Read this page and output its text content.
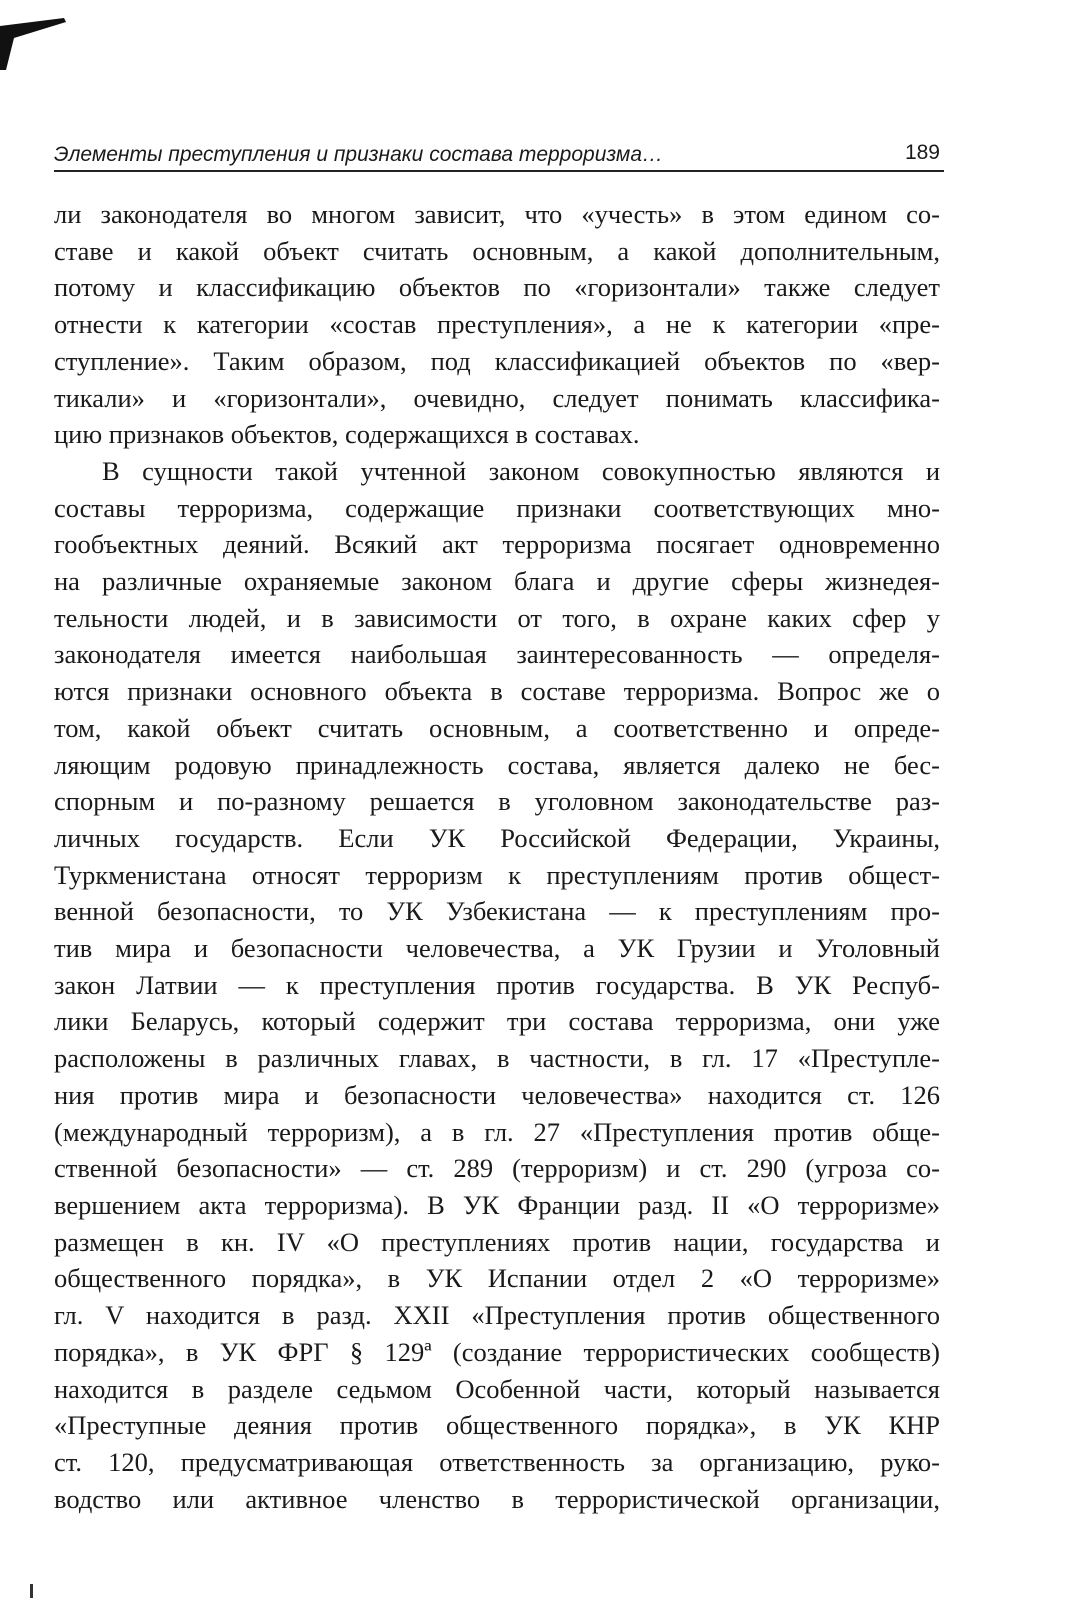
Элементы преступления и признаки состава терроризма…	189

ли законодателя во многом зависит, что «учесть» в этом едином со-
ставе и какой объект считать основным, а какой дополнительным,
потому и классификацию объектов по «горизонтали» также следует
отнести к категории «состав преступления», а не к категории «пре-
ступление». Таким образом, под классификацией объектов по «вер-
тикали» и «горизонтали», очевидно, следует понимать классифика-
цию признаков объектов, содержащихся в составах.

В сущности такой учтенной законом совокупностью являются и
составы терроризма, содержащие признаки соответствующих мно-
гообъектных деяний. Всякий акт терроризма посягает одновременно
на различные охраняемые законом блага и другие сферы жизнедея-
тельности людей, и в зависимости от того, в охране каких сфер у
законодателя имеется наибольшая заинтересованность — определя-
ются признаки основного объекта в составе терроризма. Вопрос же о
том, какой объект считать основным, а соответственно и опреде-
ляющим родовую принадлежность состава, является далеко не бес-
спорным и по-разному решается в уголовном законодательстве раз-
личных государств. Если УК Российской Федерации, Украины,
Туркменистана относят терроризм к преступлениям против общест-
венной безопасности, то УК Узбекистана — к преступлениям про-
тив мира и безопасности человечества, а УК Грузии и Уголовный
закон Латвии — к преступления против государства. В УК Респуб-
лики Беларусь, который содержит три состава терроризма, они уже
расположены в различных главах, в частности, в гл. 17 «Преступле-
ния против мира и безопасности человечества» находится ст. 126
(международный терроризм), а в гл. 27 «Преступления против обще-
ственной безопасности» — ст. 289 (терроризм) и ст. 290 (угроза со-
вершением акта терроризма). В УК Франции разд. II «О терроризме»
размещен в кн. IV «О преступлениях против нации, государства и
общественного порядка», в УК Испании отдел 2 «О терроризме»
гл. V находится в разд. XXII «Преступления против общественного
порядка», в УК ФРГ § 129ª (создание террористических сообществ)
находится в разделе седьмом Особенной части, который называется
«Преступные деяния против общественного порядка», в УК КНР
ст. 120, предусматривающая ответственность за организацию, руко-
водство или активное членство в террористической организации,
